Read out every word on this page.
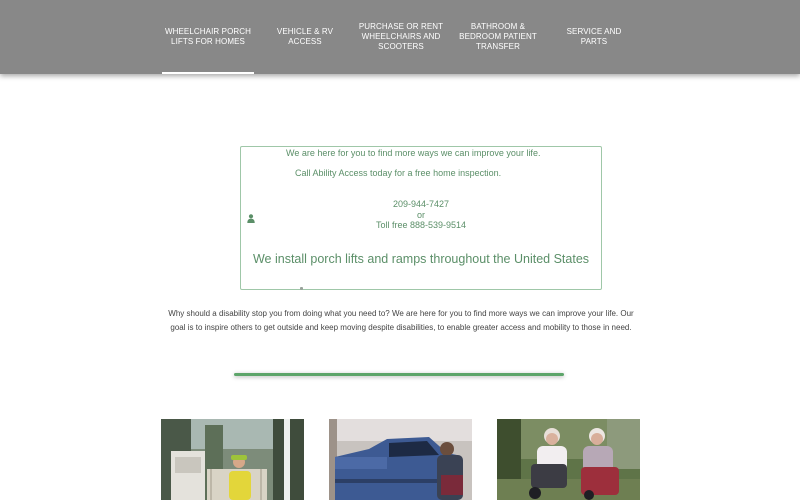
WHEELCHAIR PORCH LIFTS FOR HOMES
VEHICLE & RV ACCESS
PURCHASE OR RENT WHEELCHAIRS AND SCOOTERS
BATHROOM & BEDROOM PATIENT TRANSFER
SERVICE AND PARTS
We are here for you to find more ways we can improve your life.
Call Ability Access today for a free home inspection.
209-944-7427
or
Toll free 888-539-9514
We install porch lifts and ramps throughout the United States
Why should a disability stop you from doing what you need to? We are here for you to find more ways we can improve your life. Our goal is to inspire others to get outside and keep moving despite disabilities, to enable greater access and mobility to those in need.
